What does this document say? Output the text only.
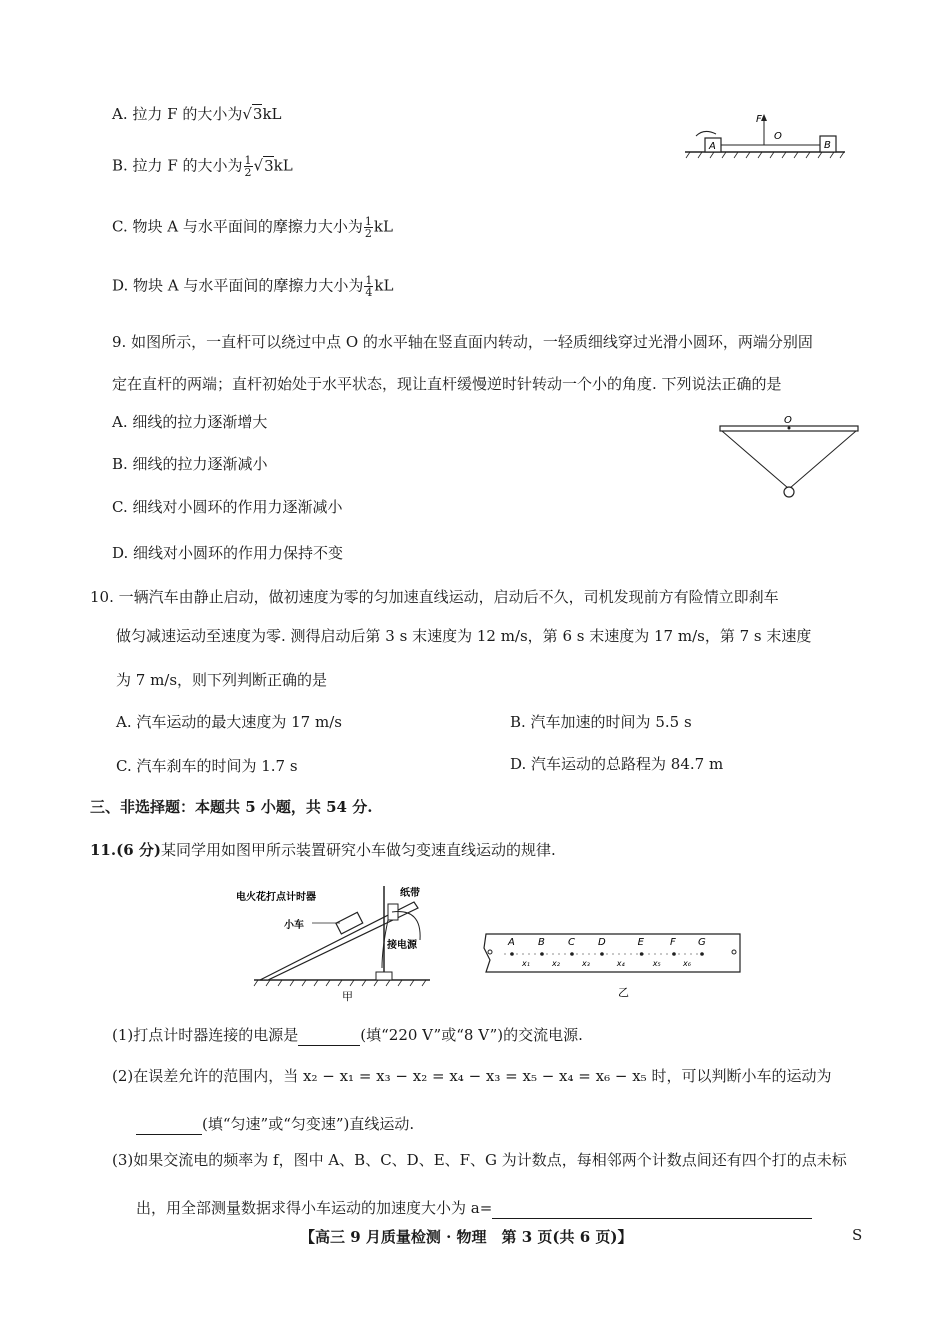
A. 拉力 F 的大小为√3kL
B. 拉力 F 的大小为 $\frac{1}{2} √3kL$
C. 物块 A 与水平面间的摩擦力大小为 $\frac{1}{2}$ kL
D. 物块 A 与水平面间的摩擦力大小为 $\frac{1}{4}$ kL
A
F
O
B
9. 如图所示，一直杆可以绕过中点 O 的水平轴在竖直面内转动，一轻质细线穿过光滑小圆环，两端分别固
定在直杆的两端；直杆初始处于水平状态，现让直杆缓慢逆时针转动一个小的角度. 下列说法正确的是
A. 细线的拉力逐渐增大
B. 细线的拉力逐渐减小
C. 细线对小圆环的作用力逐渐减小
D. 细线对小圆环的作用力保持不变
O
10. 一辆汽车由静止启动，做初速度为零的匀加速直线运动，启动后不久，司机发现前方有险情立即刹车
做匀减速运动至速度为零. 测得启动后第 3 s 末速度为 12 m/s，第 6 s 末速度为 17 m/s，第 7 s 末速度
为 7 m/s，则下列判断正确的是
A. 汽车运动的最大速度为 17 m/s	B. 汽车加速的时间为 5.5 s
C. 汽车刹车的时间为 1.7 s	D. 汽车运动的总路程为 84.7 m
三、非选择题：本题共 5 小题，共 54 分.
11.(6 分)某同学用如图甲所示装置研究小车做匀变速直线运动的规律.
电火花打点计时器	纸带
小车
接电源
甲
A
x₁
B
x₂
C
x₃
D
x₄
E
x₅
F
x₆
G
乙
(1)打点计时器连接的电源是	(填“220 V”或“8 V”)的交流电源.
(2)在误差允许的范围内，当 x₂ − x₁ = x₃ − x₂ = x₄ − x₃ = x₅ − x₄ = x₆ − x₅ 时，可以判断小车的运动为
(填“匀速”或“匀变速”)直线运动.
(3)如果交流电的频率为 f，图中 A、B、C、D、E、F、G 为计数点，每相邻两个计数点间还有四个打的点未标
出，用全部测量数据求得小车运动的加速度大小为 a=
【高三 9 月质量检测 · 物理　第 3 页(共 6 页)】	S
